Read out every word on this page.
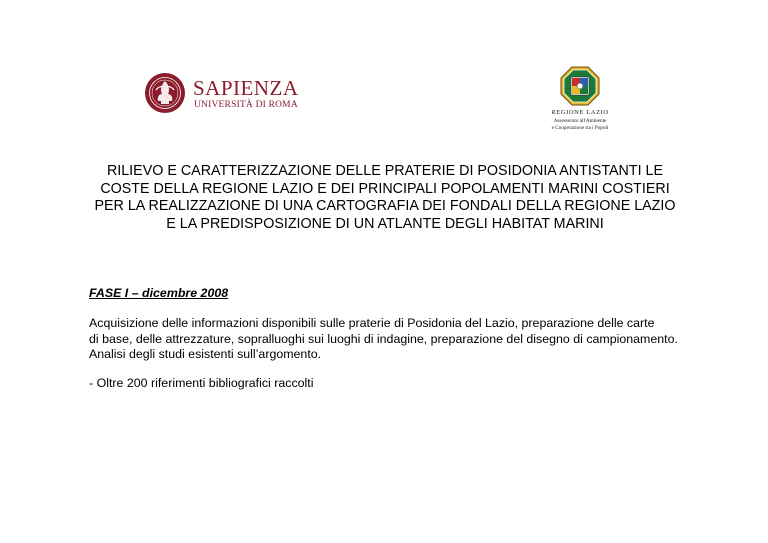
SAPIENZA
UNIVERSITÀ DI ROMA
REGIONE LAZIO
Assessorato all'Ambiente
e Cooperazione tra i Popoli
RILIEVO E CARATTERIZZAZIONE DELLE PRATERIE DI POSIDONIA ANTISTANTI LE
COSTE DELLA REGIONE LAZIO E DEI PRINCIPALI POPOLAMENTI MARINI COSTIERI
PER LA REALIZZAZIONE DI UNA CARTOGRAFIA DEI FONDALI DELLA REGIONE LAZIO
E LA PREDISPOSIZIONE DI UN ATLANTE DEGLI HABITAT MARINI
FASE I – dicembre 2008
Acquisizione delle informazioni disponibili sulle praterie di Posidonia del Lazio, preparazione delle carte
di base, delle attrezzature, sopralluoghi sui luoghi di indagine, preparazione del disegno di campionamento.
Analisi degli studi esistenti sull’argomento.
- Oltre 200 riferimenti bibliografici raccolti
